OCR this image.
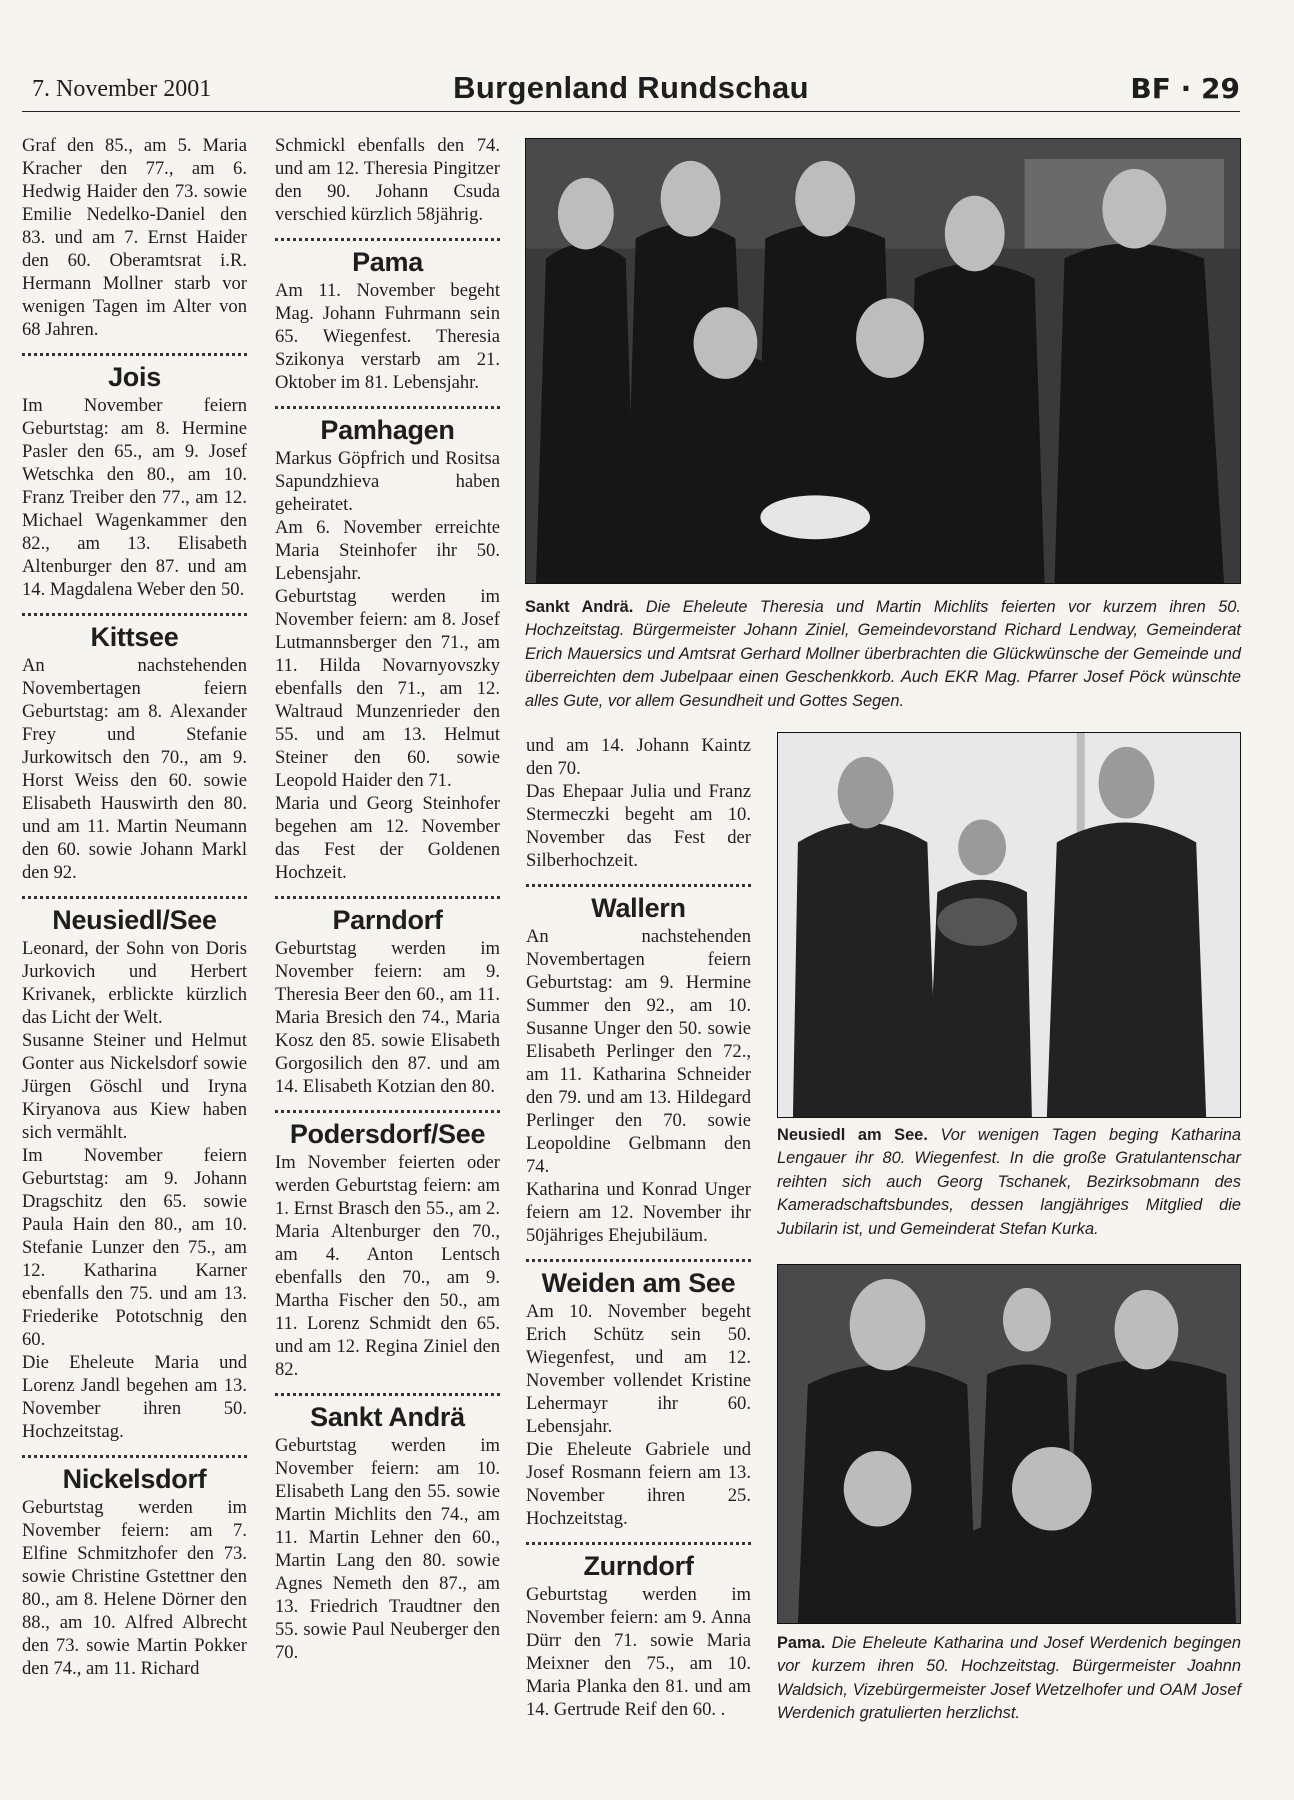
7. November 2001	Burgenland Rundschau	BF · 29

Graf den 85., am 5. Maria Kracher den 77., am 6. Hedwig Haider den 73. sowie Emilie Nedelko-Daniel den 83. und am 7. Ernst Haider den 60. Oberamtsrat i.R. Hermann Mollner starb vor wenigen Tagen im Alter von 68 Jahren.

Jois

Im November feiern Geburtstag: am 8. Hermine Pasler den 65., am 9. Josef Wetschka den 80., am 10. Franz Treiber den 77., am 12. Michael Wagenkammer den 82., am 13. Elisabeth Altenburger den 87. und am 14. Magdalena Weber den 50.

Kittsee

An nachstehenden Novembertagen feiern Geburtstag: am 8. Alexander Frey und Stefanie Jurkowitsch den 70., am 9. Horst Weiss den 60. sowie Elisabeth Hauswirth den 80. und am 11. Martin Neumann den 60. sowie Johann Markl den 92.

Neusiedl/See

Leonard, der Sohn von Doris Jurkovich und Herbert Krivanek, erblickte kürzlich das Licht der Welt.

Susanne Steiner und Helmut Gonter aus Nickelsdorf sowie Jürgen Göschl und Iryna Kiryanova aus Kiew haben sich vermählt.

Im November feiern Geburtstag: am 9. Johann Dragschitz den 65. sowie Paula Hain den 80., am 10. Stefanie Lunzer den 75., am 12. Katharina Karner ebenfalls den 75. und am 13. Friederike Pototschnig den 60.

Die Eheleute Maria und Lorenz Jandl begehen am 13. November ihren 50. Hochzeitstag.

Nickelsdorf

Geburtstag werden im November feiern: am 7. Elfine Schmitzhofer den 73. sowie Christine Gstettner den 80., am 8. Helene Dörner den 88., am 10. Alfred Albrecht den 73. sowie Martin Pokker den 74., am 11. Richard

Schmickl ebenfalls den 74. und am 12. Theresia Pingitzer den 90. Johann Csuda verschied kürzlich 58jährig.

Pama

Am 11. November begeht Mag. Johann Fuhrmann sein 65. Wiegenfest. Theresia Szikonya verstarb am 21. Oktober im 81. Lebensjahr.

Pamhagen

Markus Göpfrich und Rositsa Sapundzhieva haben geheiratet.

Am 6. November erreichte Maria Steinhofer ihr 50. Lebensjahr.

Geburtstag werden im November feiern: am 8. Josef Lutmannsberger den 71., am 11. Hilda Novarnyovszky ebenfalls den 71., am 12. Waltraud Munzenrieder den 55. und am 13. Helmut Steiner den 60. sowie Leopold Haider den 71.

Maria und Georg Steinhofer begehen am 12. November das Fest der Goldenen Hochzeit.

Parndorf

Geburtstag werden im November feiern: am 9. Theresia Beer den 60., am 11. Maria Bresich den 74., Maria Kosz den 85. sowie Elisabeth Gorgosilich den 87. und am 14. Elisabeth Kotzian den 80.

Podersdorf/See

Im November feierten oder werden Geburtstag feiern: am 1. Ernst Brasch den 55., am 2. Maria Altenburger den 70., am 4. Anton Lentsch ebenfalls den 70., am 9. Martha Fischer den 50., am 11. Lorenz Schmidt den 65. und am 12. Regina Ziniel den 82.

Sankt Andrä

Geburtstag werden im November feiern: am 10. Elisabeth Lang den 55. sowie Martin Michlits den 74., am 11. Martin Lehner den 60., Martin Lang den 80. sowie Agnes Nemeth den 87., am 13. Friedrich Traudtner den 55. sowie Paul Neuberger den 70.

und am 14. Johann Kaintz den 70.

Das Ehepaar Julia und Franz Stermeczki begeht am 10. November das Fest der Silberhochzeit.

Wallern

An nachstehenden Novembertagen feiern Geburtstag: am 9. Hermine Summer den 92., am 10. Susanne Unger den 50. sowie Elisabeth Perlinger den 72., am 11. Katharina Schneider den 79. und am 13. Hildegard Perlinger den 70. sowie Leopoldine Gelbmann den 74.

Katharina und Konrad Unger feiern am 12. November ihr 50jähriges Ehejubiläum.

Weiden am See

Am 10. November begeht Erich Schütz sein 50. Wiegenfest, und am 12. November vollendet Kristine Lehermayr ihr 60. Lebensjahr.

Die Eheleute Gabriele und Josef Rosmann feiern am 13. November ihren 25. Hochzeitstag.

Zurndorf

Geburtstag werden im November feiern: am 9. Anna Dürr den 71. sowie Maria Meixner den 75., am 10. Maria Planka den 81. und am 14. Gertrude Reif den 60. .

Sankt Andrä. Die Eheleute Theresia und Martin Michlits feierten vor kurzem ihren 50. Hochzeitstag. Bürgermeister Johann Ziniel, Gemeindevorstand Richard Lendway, Gemeinderat Erich Mauersics und Amtsrat Gerhard Mollner überbrachten die Glückwünsche der Gemeinde und überreichten dem Jubelpaar einen Geschenkkorb. Auch EKR Mag. Pfarrer Josef Pöck wünschte alles Gute, vor allem Gesundheit und Gottes Segen.
Neusiedl am See. Vor wenigen Tagen beging Katharina Lengauer ihr 80. Wiegenfest. In die große Gratulantenschar reihten sich auch Georg Tschanek, Bezirksobmann des Kameradschaftsbundes, dessen langjähriges Mitglied die Jubilarin ist, und Gemeinderat Stefan Kurka.
Pama. Die Eheleute Katharina und Josef Werdenich begingen vor kurzem ihren 50. Hochzeitstag. Bürgermeister Joahnn Waldsich, Vizebürgermeister Josef Wetzelhofer und OAM Josef Werdenich gratulierten herzlichst.
